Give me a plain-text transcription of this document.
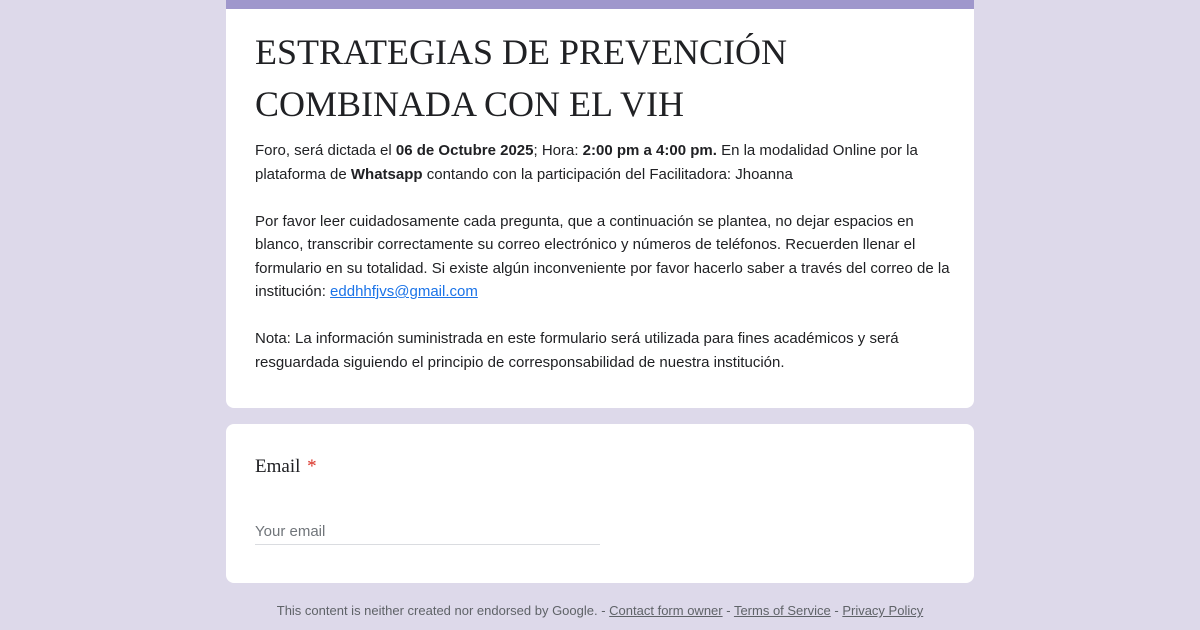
ESTRATEGIAS DE PREVENCIÓN COMBINADA CON EL VIH

Foro, será dictada el 06 de Octubre 2025; Hora: 2:00 pm a 4:00 pm. En la modalidad Online por la plataforma de Whatsapp contando con la participación del Facilitadora: Jhoanna

Por favor leer cuidadosamente cada pregunta, que a continuación se plantea, no dejar espacios en blanco, transcribir correctamente su correo electrónico y números de teléfonos. Recuerden llenar el formulario en su totalidad. Si existe algún inconveniente por favor hacerlo saber a través del correo de la institución: eddhhfjvs@gmail.com

Nota: La información suministrada en este formulario será utilizada para fines académicos y será resguardada siguiendo el principio de corresponsabilidad de nuestra institución.

Email *
Your email
This content is neither created nor endorsed by Google. - Contact form owner - Terms of Service - Privacy Policy
